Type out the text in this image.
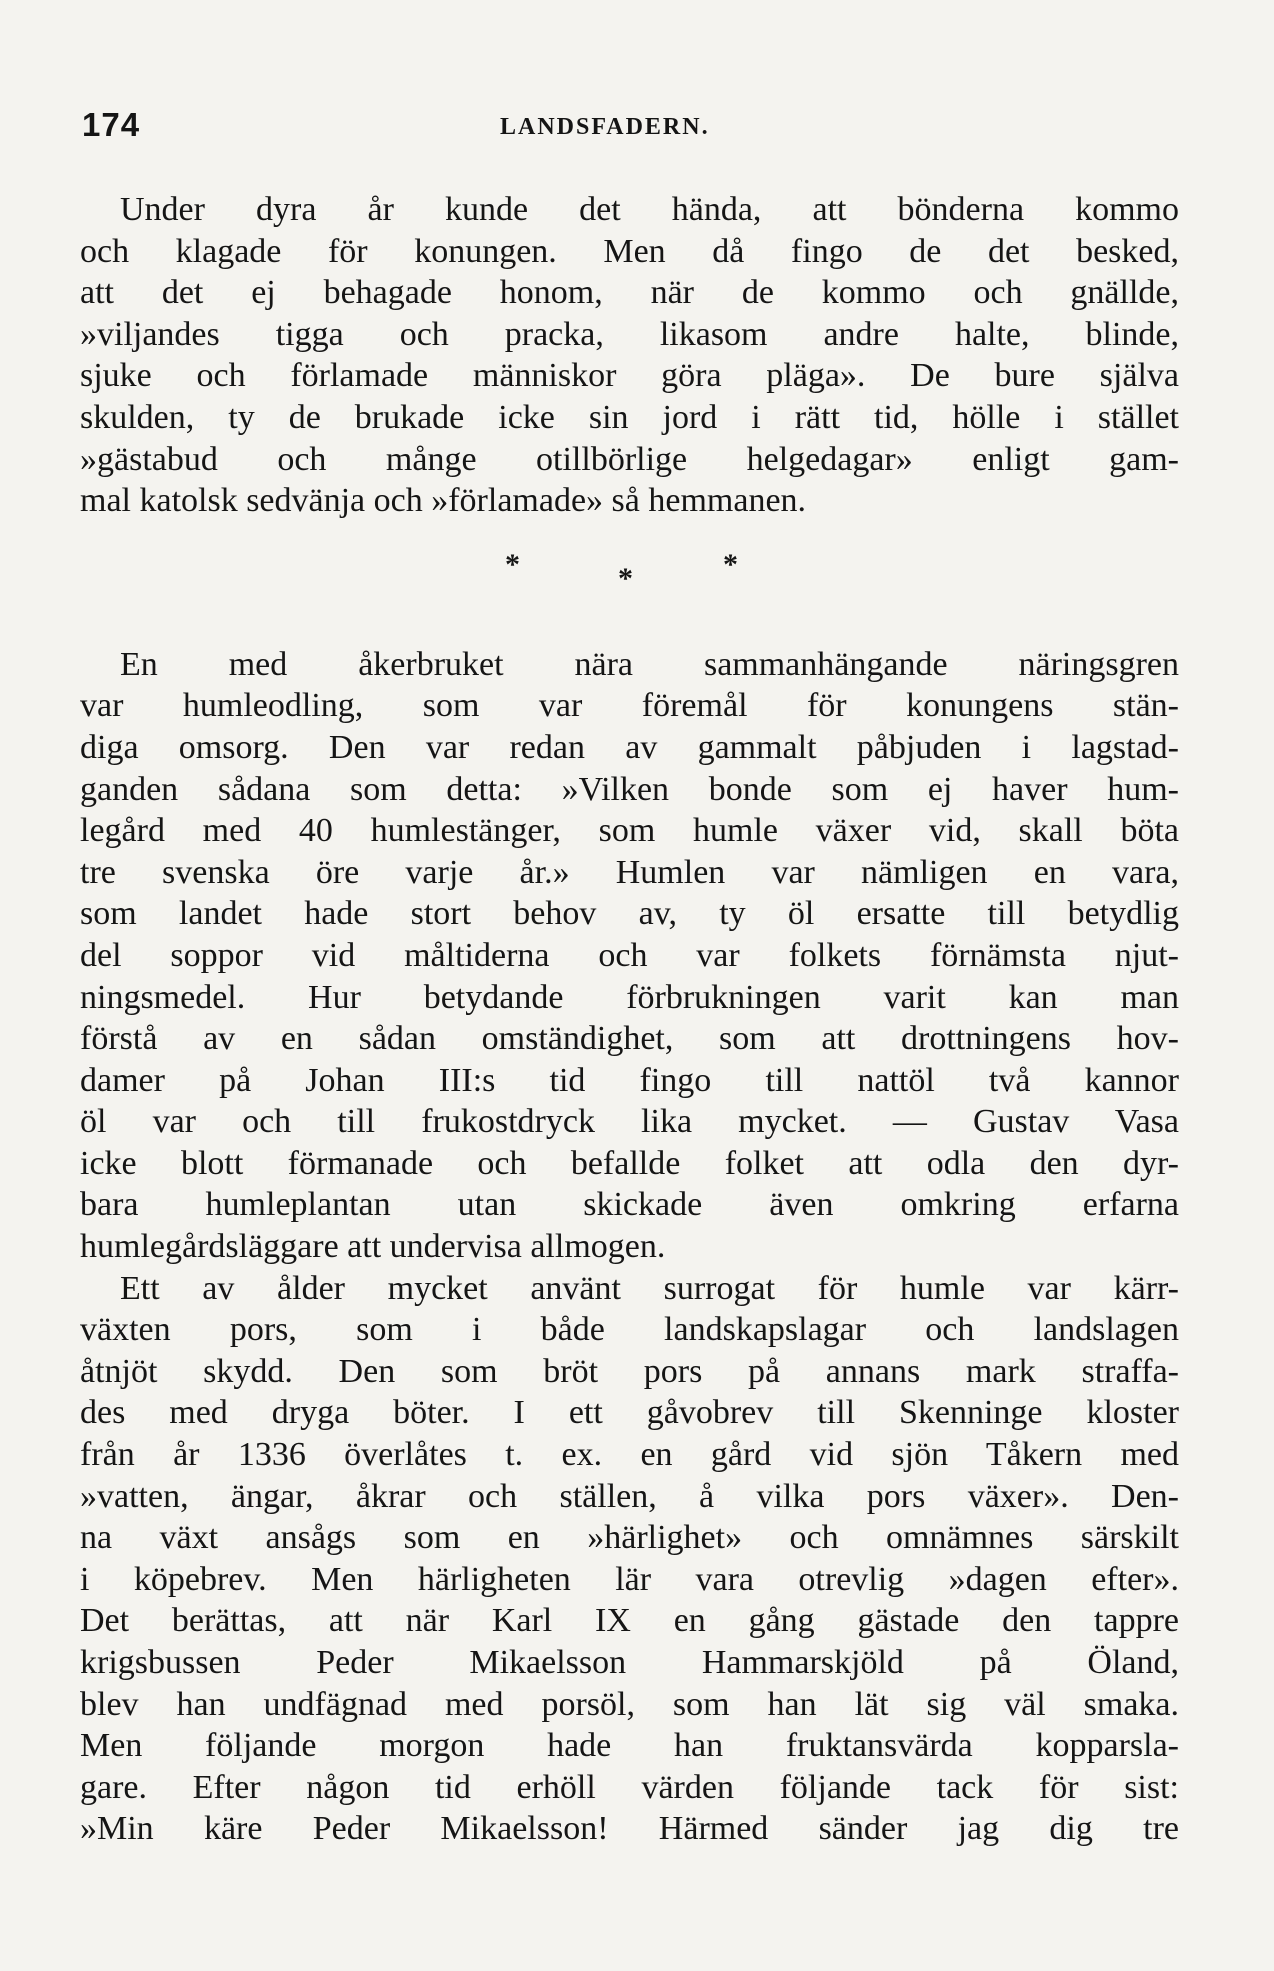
174	LANDSFADERN.
Under dyra år kunde det hända, att bönderna kommo
och klagade för konungen. Men då fingo de det besked,
att det ej behagade honom, när de kommo och gnällde,
»viljandes tigga och pracka, likasom andre halte, blinde,
sjuke och förlamade människor göra pläga». De bure själva
skulden, ty de brukade icke sin jord i rätt tid, hölle i stället
»gästabud och månge otillbörlige helgedagar» enligt gam-
mal katolsk sedvänja och »förlamade» så hemmanen.
*	*	*
En med åkerbruket nära sammanhängande näringsgren
var humleodling, som var föremål för konungens stän-
diga omsorg. Den var redan av gammalt påbjuden i lagstad-
ganden sådana som detta: »Vilken bonde som ej haver hum-
legård med 40 humlestänger, som humle växer vid, skall böta
tre svenska öre varje år.» Humlen var nämligen en vara,
som landet hade stort behov av, ty öl ersatte till betydlig
del soppor vid måltiderna och var folkets förnämsta njut-
ningsmedel. Hur betydande förbrukningen varit kan man
förstå av en sådan omständighet, som att drottningens hov-
damer på Johan III:s tid fingo till nattöl två kannor
öl var och till frukostdryck lika mycket. — Gustav Vasa
icke blott förmanade och befallde folket att odla den dyr-
bara humleplantan utan skickade även omkring erfarna
humlegårdsläggare att undervisa allmogen.
Ett av ålder mycket använt surrogat för humle var kärr-
växten pors, som i både landskapslagar och landslagen
åtnjöt skydd. Den som bröt pors på annans mark straffa-
des med dryga böter. I ett gåvobrev till Skenninge kloster
från år 1336 överlåtes t. ex. en gård vid sjön Tåkern med
»vatten, ängar, åkrar och ställen, å vilka pors växer». Den-
na växt ansågs som en »härlighet» och omnämnes särskilt
i köpebrev. Men härligheten lär vara otrevlig »dagen efter».
Det berättas, att när Karl IX en gång gästade den tappre
krigsbussen Peder Mikaelsson Hammarskjöld på Öland,
blev han undfägnad med porsöl, som han lät sig väl smaka.
Men följande morgon hade han fruktansvärda kopparsla-
gare. Efter någon tid erhöll värden följande tack för sist:
»Min käre Peder Mikaelsson! Härmed sänder jag dig tre
